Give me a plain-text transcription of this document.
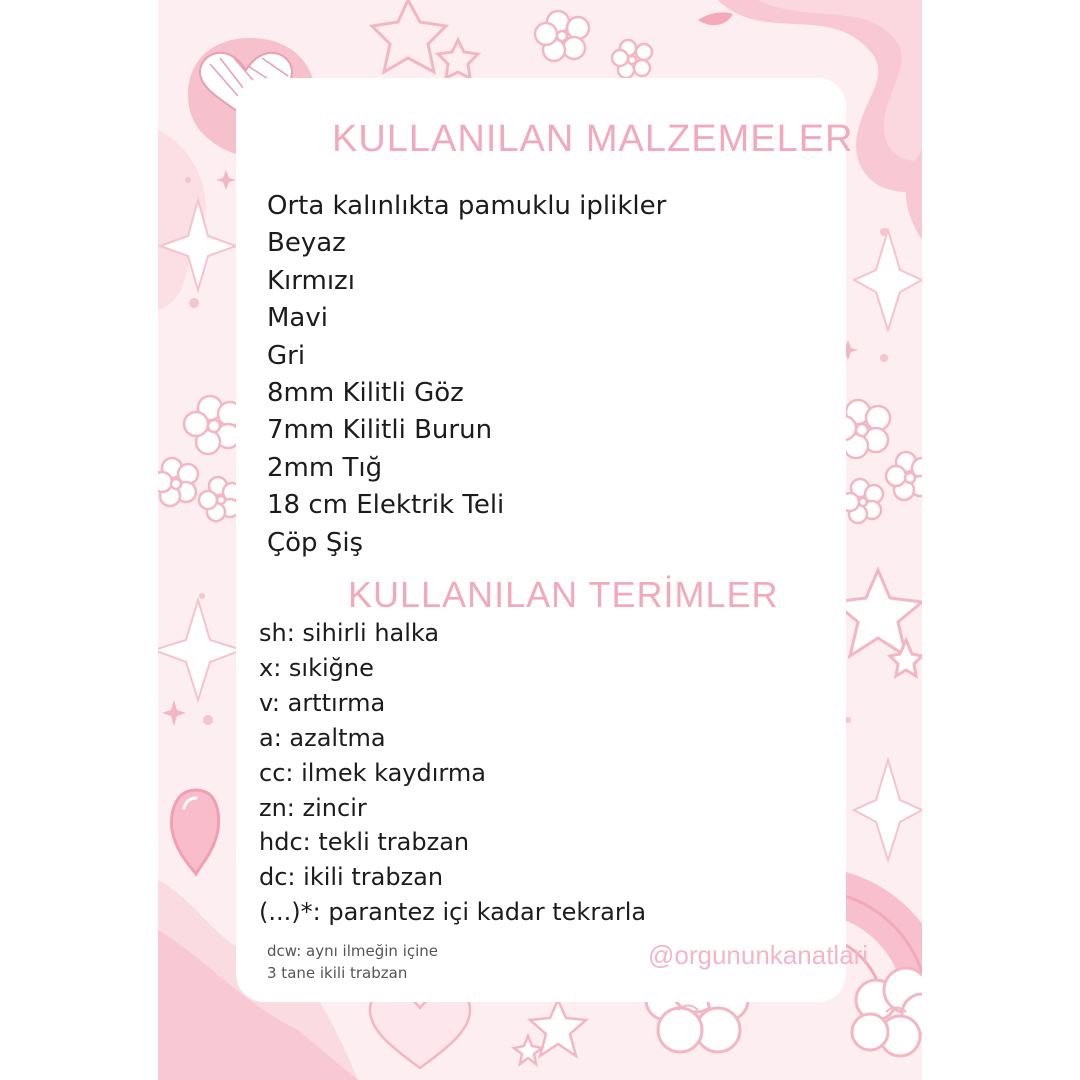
KULLANILAN MALZEMELER
Orta kalınlıkta pamuklu iplikler
Beyaz
Kırmızı
Mavi
Gri
8mm Kilitli Göz
7mm Kilitli Burun
2mm Tığ
18 cm Elektrik Teli
Çöp Şiş
KULLANILAN TERİMLER
sh: sihirli halka
x: sıkiğne
v: arttırma
a: azaltma
cc: ilmek kaydırma
zn: zincir
hdc: tekli trabzan
dc: ikili trabzan
(...)*: parantez içi kadar tekrarla

dcw: aynı ilmeğin içine
3 tane ikili trabzan

@orgununkanatlari
